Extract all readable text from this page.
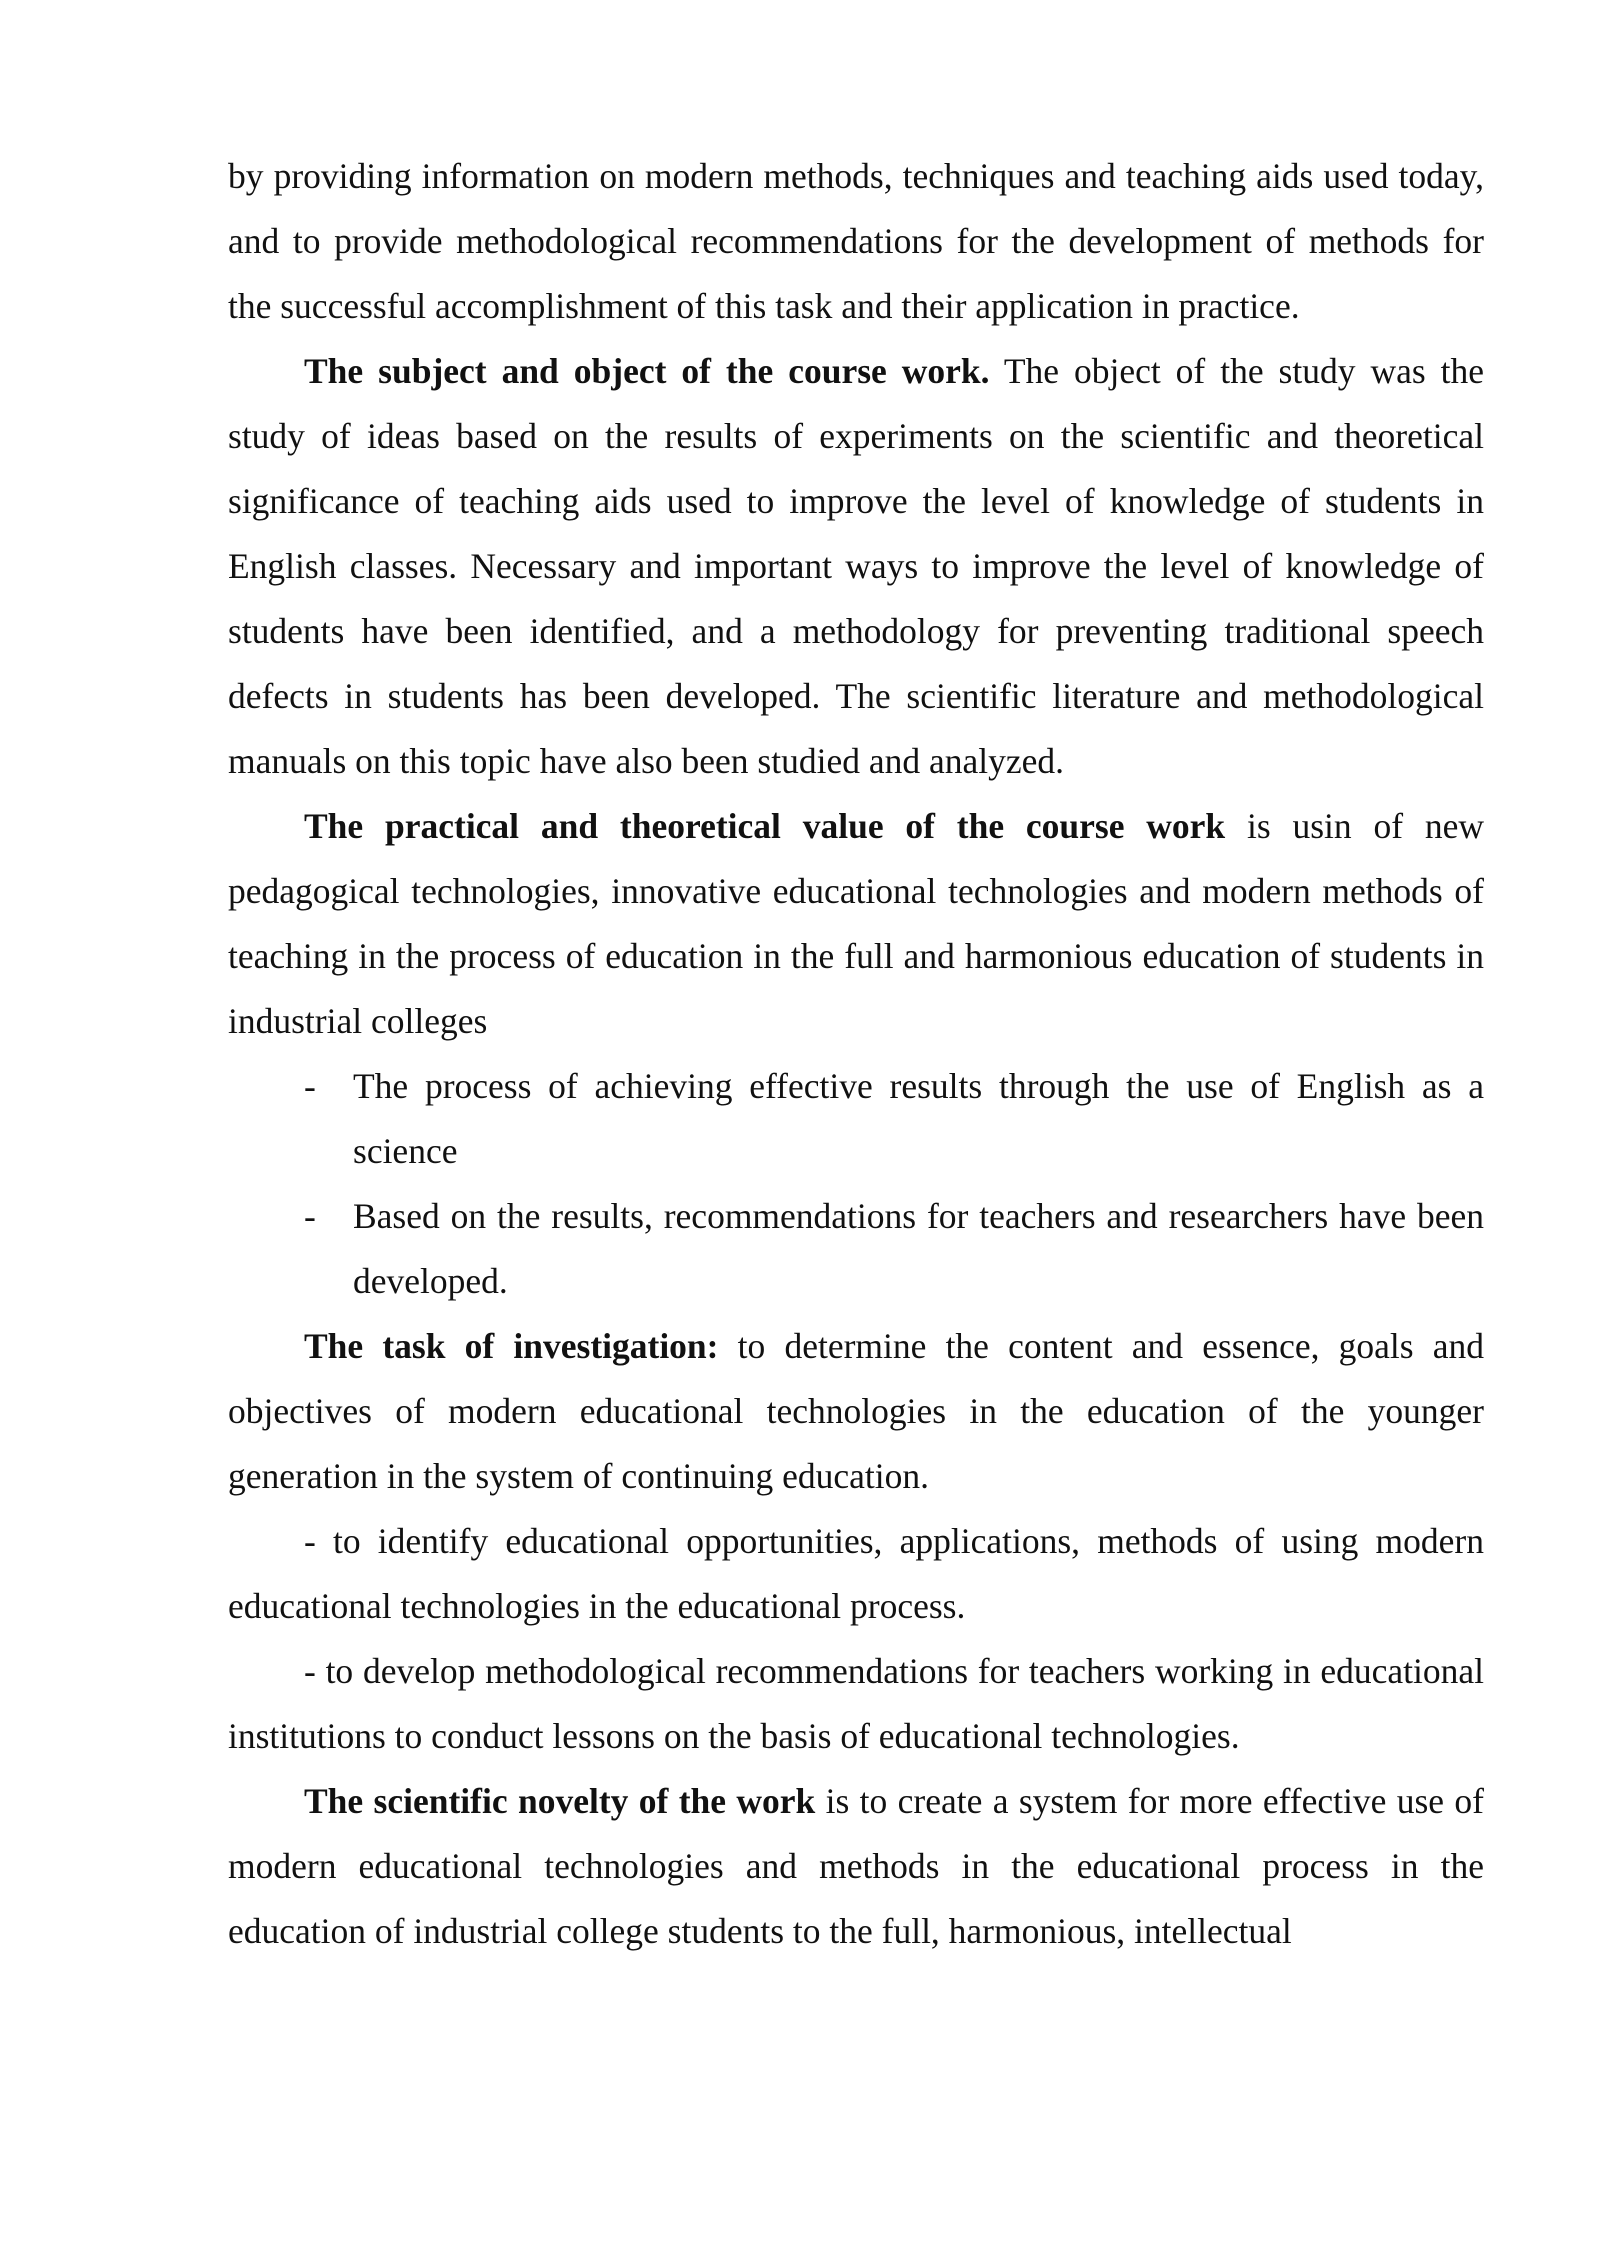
by providing information on modern methods, techniques and teaching aids used today, and to provide methodological recommendations for the development of methods for the successful accomplishment of this task and their application in practice.

The subject and object of the course work. The object of the study was the study of ideas based on the results of experiments on the scientific and theoretical significance of teaching aids used to improve the level of knowledge of students in English classes. Necessary and important ways to improve the level of knowledge of students have been identified, and a methodology for preventing traditional speech defects in students has been developed. The scientific literature and methodological manuals on this topic have also been studied and analyzed.

The practical and theoretical value of the course work is usin of new pedagogical technologies, innovative educational technologies and modern methods of teaching in the process of education in the full and harmonious education of students in industrial colleges

- The process of achieving effective results through the use of English as a science

- Based on the results, recommendations for teachers and researchers have been developed.

The task of investigation: to determine the content and essence, goals and objectives of modern educational technologies in the education of the younger generation in the system of continuing education.

- to identify educational opportunities, applications, methods of using modern educational technologies in the educational process.

- to develop methodological recommendations for teachers working in educational institutions to conduct lessons on the basis of educational technologies.

The scientific novelty of the work is to create a system for more effective use of modern educational technologies and methods in the educational process in the education of industrial college students to the full, harmonious, intellectual
